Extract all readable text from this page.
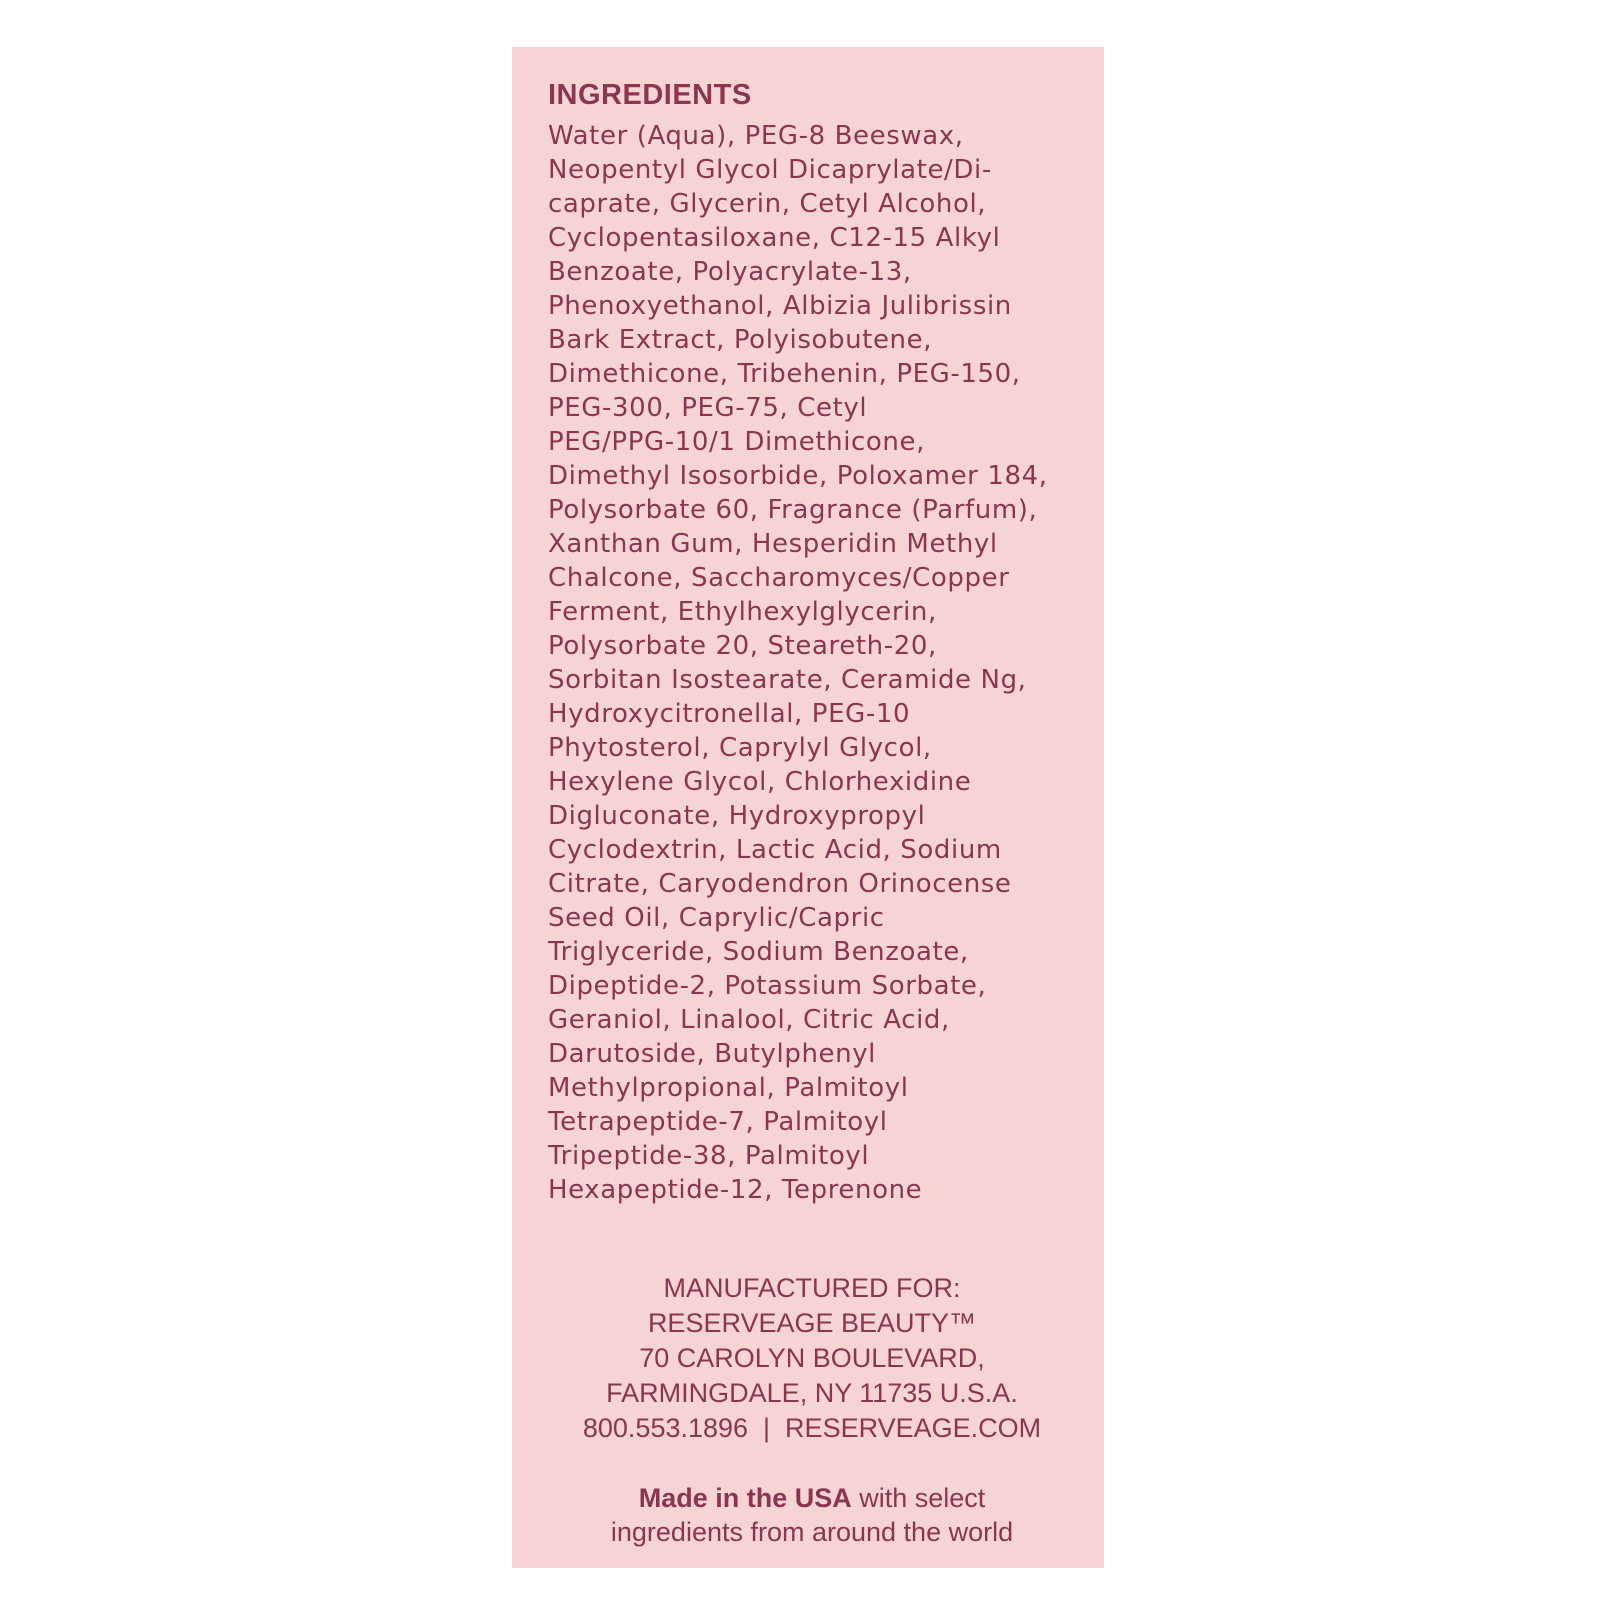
INGREDIENTS
Water (Aqua), PEG-8 Beeswax,
Neopentyl Glycol Dicaprylate/Di-
caprate, Glycerin, Cetyl Alcohol,
Cyclopentasiloxane, C12-15 Alkyl
Benzoate, Polyacrylate-13,
Phenoxyethanol, Albizia Julibrissin
Bark Extract, Polyisobutene,
Dimethicone, Tribehenin, PEG-150,
PEG-300, PEG-75, Cetyl
PEG/PPG-10/1 Dimethicone,
Dimethyl Isosorbide, Poloxamer 184,
Polysorbate 60, Fragrance (Parfum),
Xanthan Gum, Hesperidin Methyl
Chalcone, Saccharomyces/Copper
Ferment, Ethylhexylglycerin,
Polysorbate 20, Steareth-20,
Sorbitan Isostearate, Ceramide Ng,
Hydroxycitronellal, PEG-10
Phytosterol, Caprylyl Glycol,
Hexylene Glycol, Chlorhexidine
Digluconate, Hydroxypropyl
Cyclodextrin, Lactic Acid, Sodium
Citrate, Caryodendron Orinocense
Seed Oil, Caprylic/Capric
Triglyceride, Sodium Benzoate,
Dipeptide-2, Potassium Sorbate,
Geraniol, Linalool, Citric Acid,
Darutoside, Butylphenyl
Methylpropional, Palmitoyl
Tetrapeptide-7, Palmitoyl
Tripeptide-38, Palmitoyl
Hexapeptide-12, Teprenone
MANUFACTURED FOR:
RESERVEAGE BEAUTY™
70 CAROLYN BOULEVARD,
FARMINGDALE, NY 11735 U.S.A.
800.553.1896  |  RESERVEAGE.COM
Made in the USA with select
ingredients from around the world
